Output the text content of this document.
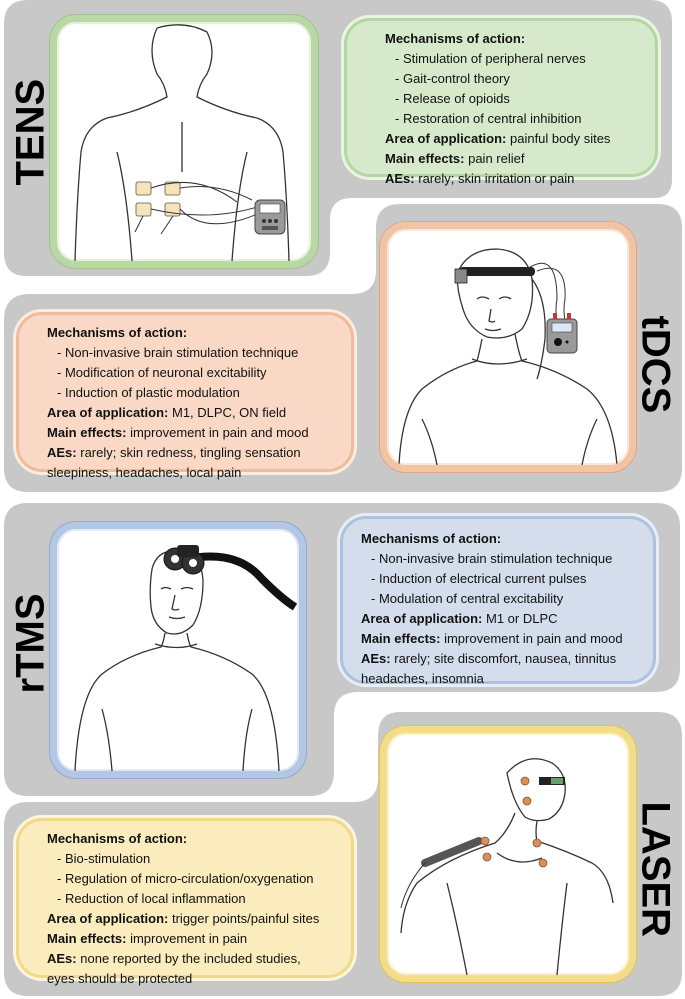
TENS
Mechanisms of action:
- Stimulation of peripheral nerves
- Gait-control theory
- Release of opioids
- Restoration of central inhibition
Area of application: painful body sites
Main effects: pain relief
AEs: rarely; skin irritation or pain
tDCS
Mechanisms of action:
- Non-invasive brain stimulation technique
- Modification of neuronal excitability
- Induction of plastic modulation
Area of application: M1, DLPC, ON field
Main effects: improvement in pain and mood
AEs: rarely; skin redness, tingling sensation
sleepiness, headaches, local pain
rTMS
Mechanisms of action:
- Non-invasive brain stimulation technique
- Induction of electrical current pulses
- Modulation of central excitability
Area of application: M1 or DLPC
Main effects: improvement in pain and mood
AEs: rarely; site discomfort, nausea, tinnitus
headaches, insomnia
LASER
Mechanisms of action:
- Bio-stimulation
- Regulation of micro-circulation/oxygenation
- Reduction of local inflammation
Area of application: trigger points/painful sites
Main effects: improvement in pain
AEs: none reported by the included studies,
eyes should be protected
